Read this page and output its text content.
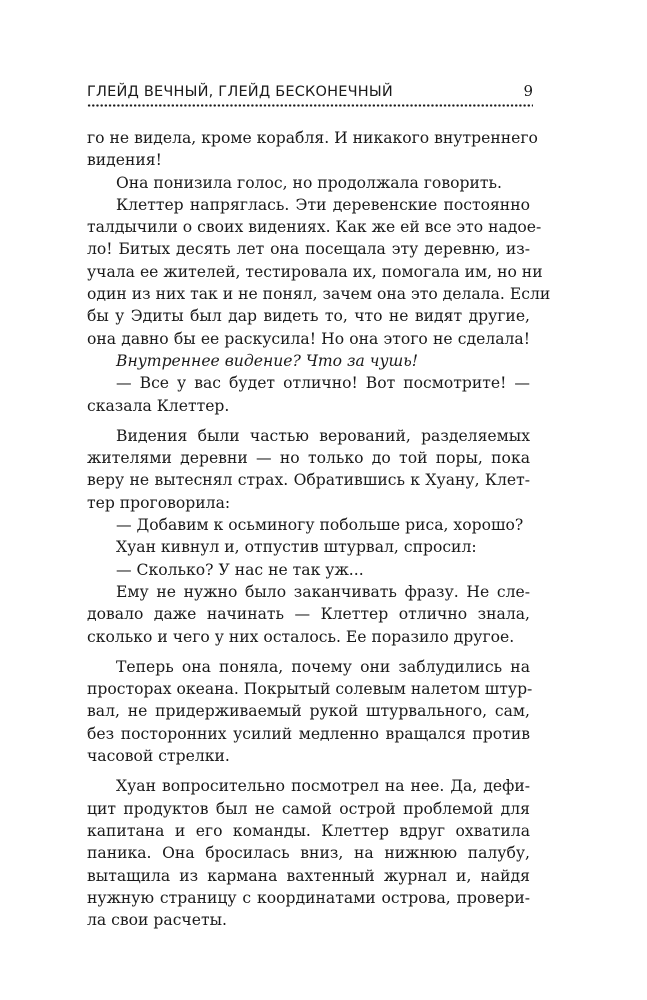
ГЛЕЙД ВЕЧНЫЙ, ГЛЕЙД БЕСКОНЕЧНЫЙ	9
го не видела, кроме корабля. И никакого внутреннего
видения!
Она понизила голос, но продолжала говорить.
Клеттер напряглась. Эти деревенские постоянно
талдычили о своих видениях. Как же ей все это надое-
ло! Битых десять лет она посещала эту деревню, из-
учала ее жителей, тестировала их, помогала им, но ни
один из них так и не понял, зачем она это делала. Если
бы у Эдиты был дар видеть то, что не видят другие,
она давно бы ее раскусила! Но она этого не сделала!
Внутреннее видение? Что за чушь!
— Все у вас будет отлично! Вот посмотрите! —
сказала Клеттер.
Видения были частью верований, разделяемых
жителями деревни — но только до той поры, пока
веру не вытеснял страх. Обратившись к Хуану, Клет-
тер проговорила:
— Добавим к осьминогу побольше риса, хорошо?
Хуан кивнул и, отпустив штурвал, спросил:
— Сколько? У нас не так уж...
Ему не нужно было заканчивать фразу. Не сле-
довало даже начинать — Клеттер отлично знала,
сколько и чего у них осталось. Ее поразило другое.
Теперь она поняла, почему они заблудились на
просторах океана. Покрытый солевым налетом штур-
вал, не придерживаемый рукой штурвального, сам,
без посторонних усилий медленно вращался против
часовой стрелки.
Хуан вопросительно посмотрел на нее. Да, дефи-
цит продуктов был не самой острой проблемой для
капитана и его команды. Клеттер вдруг охватила
паника. Она бросилась вниз, на нижнюю палубу,
вытащила из кармана вахтенный журнал и, найдя
нужную страницу с координатами острова, провери-
ла свои расчеты.
